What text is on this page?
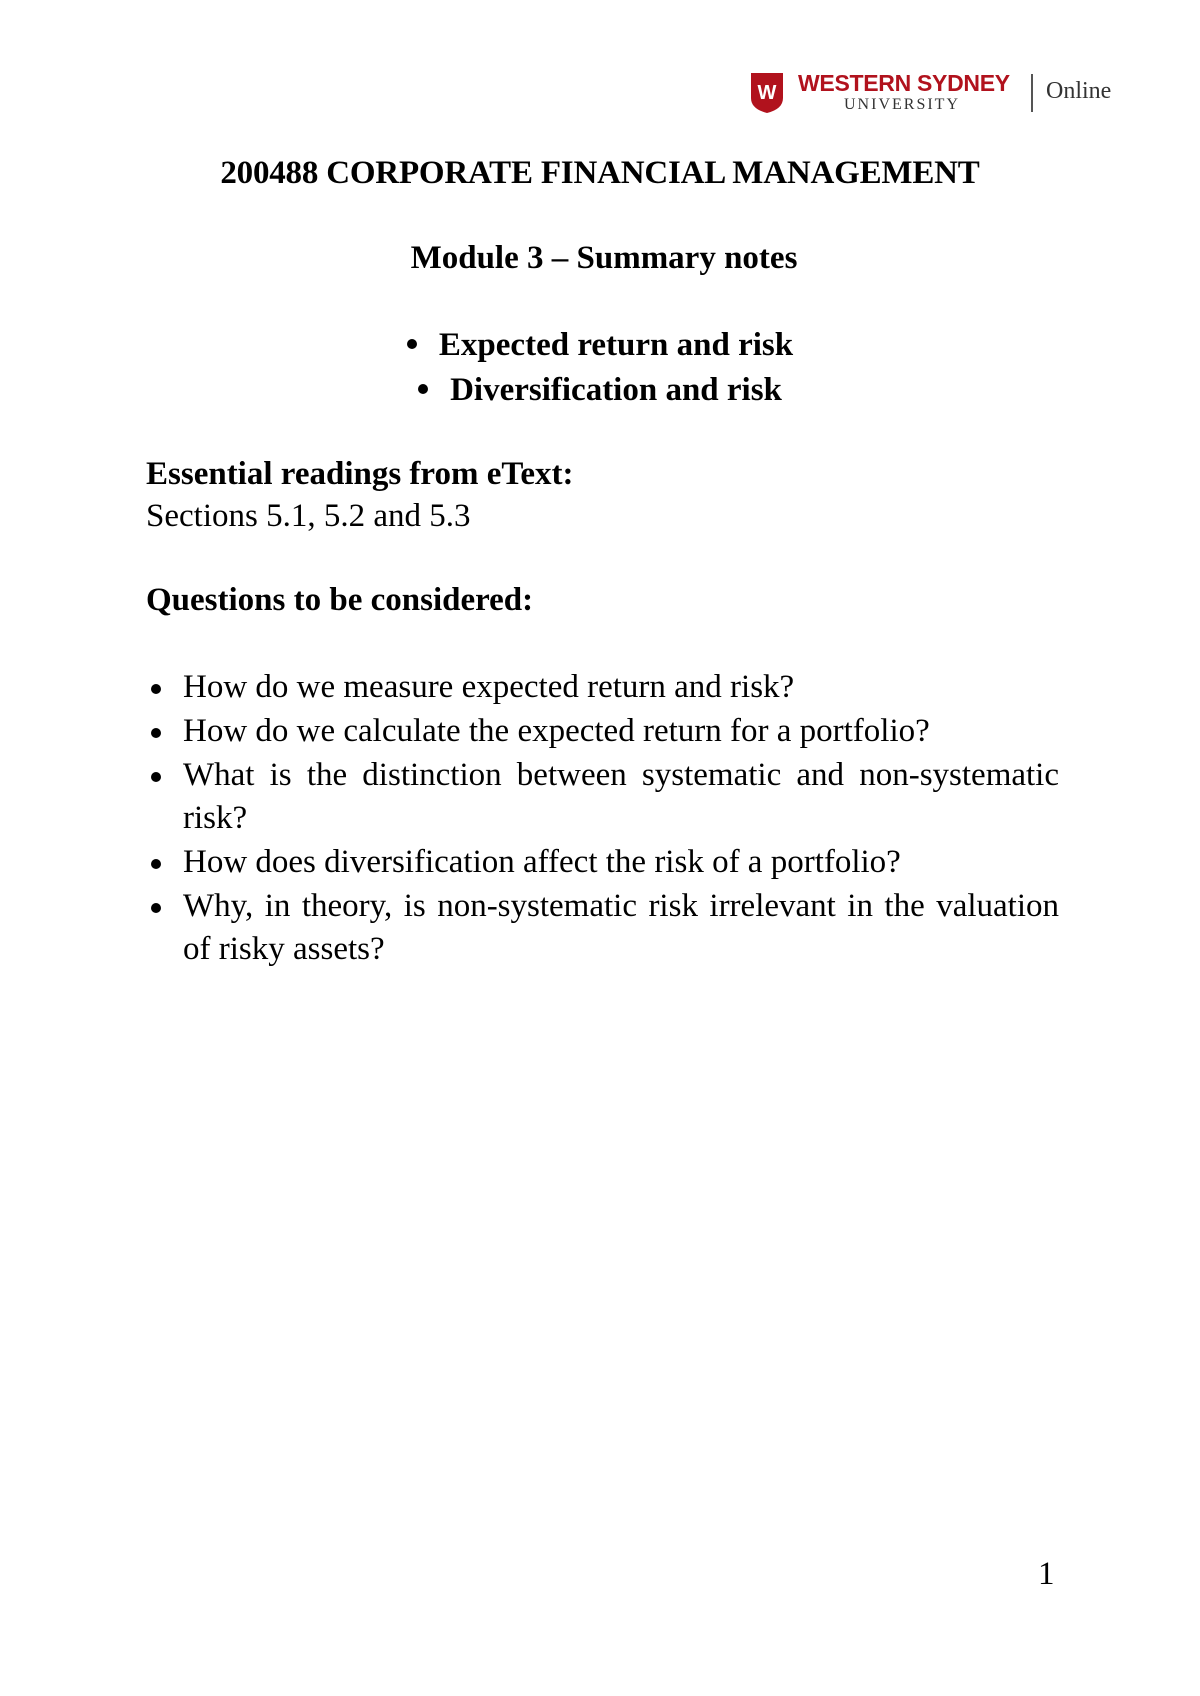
W WESTERN SYDNEY
UNIVERSITY
Online
200488 CORPORATE FINANCIAL MANAGEMENT
Module 3 – Summary notes
Expected return and risk
Diversification and risk
Essential readings from eText:

Sections 5.1, 5.2 and 5.3

Questions to be considered:
How do we measure expected return and risk?
How do we calculate the expected return for a portfolio?
What is the distinction between systematic and non-systematic risk?
How does diversification affect the risk of a portfolio?
Why, in theory, is non-systematic risk irrelevant in the valuation of risky assets?

1
